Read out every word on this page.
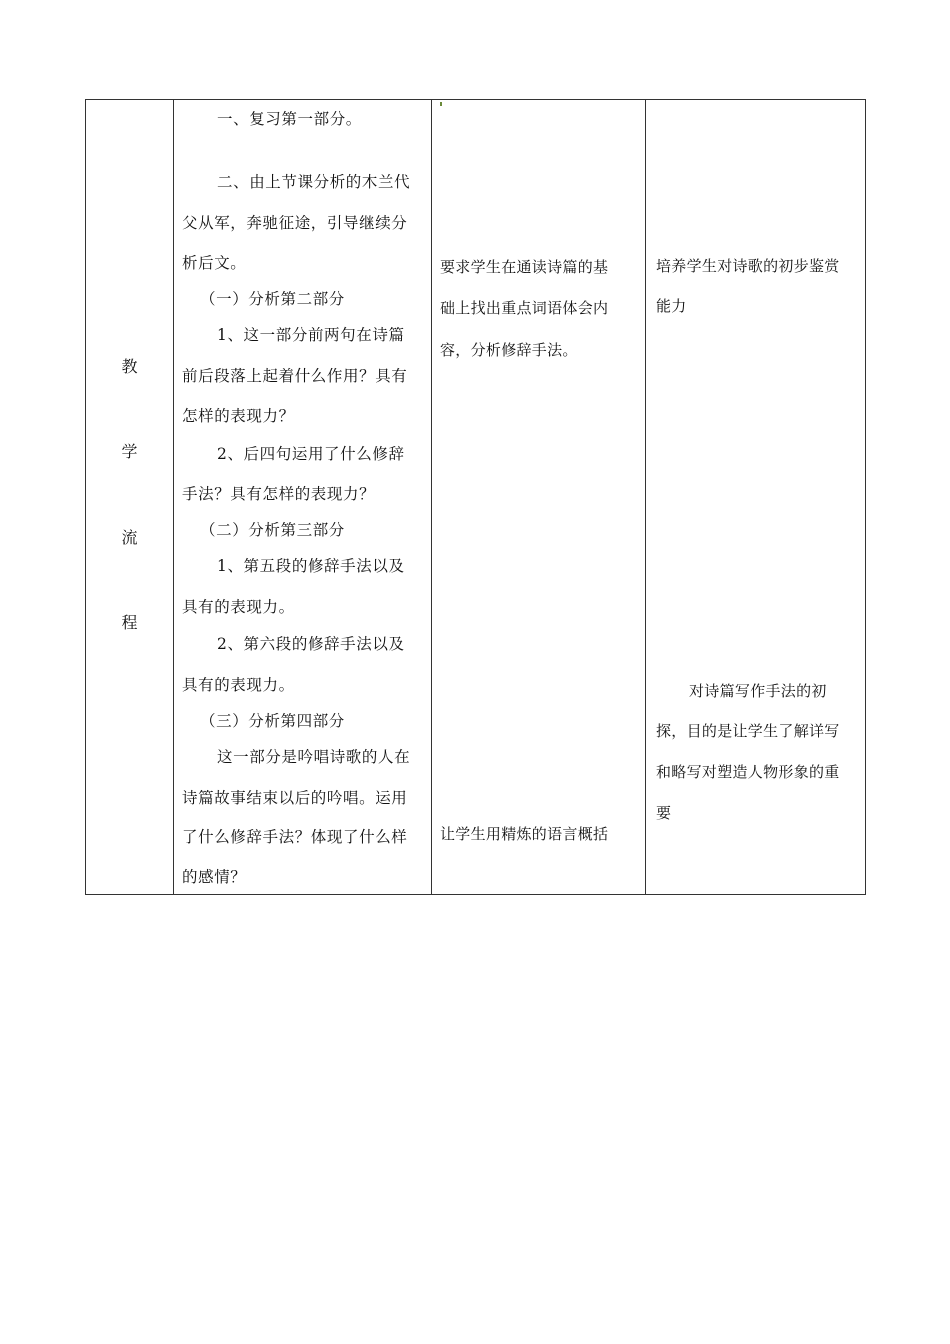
教
学
流
程
一、复习第一部分。
二、由上节课分析的木兰代
父从军，奔驰征途，引导继续分
析后文。
（一）分析第二部分
1、这一部分前两句在诗篇
前后段落上起着什么作用？具有
怎样的表现力？
2、后四句运用了什么修辞
手法？具有怎样的表现力？
（二）分析第三部分
1、第五段的修辞手法以及
具有的表现力。
2、第六段的修辞手法以及
具有的表现力。
（三）分析第四部分
这一部分是吟唱诗歌的人在
诗篇故事结束以后的吟唱。运用
了什么修辞手法？体现了什么样
的感情？
要求学生在通读诗篇的基
础上找出重点词语体会内
容，分析修辞手法。
让学生用精炼的语言概括
培养学生对诗歌的初步鉴赏
能力
对诗篇写作手法的初
探，目的是让学生了解详写
和略写对塑造人物形象的重
要
